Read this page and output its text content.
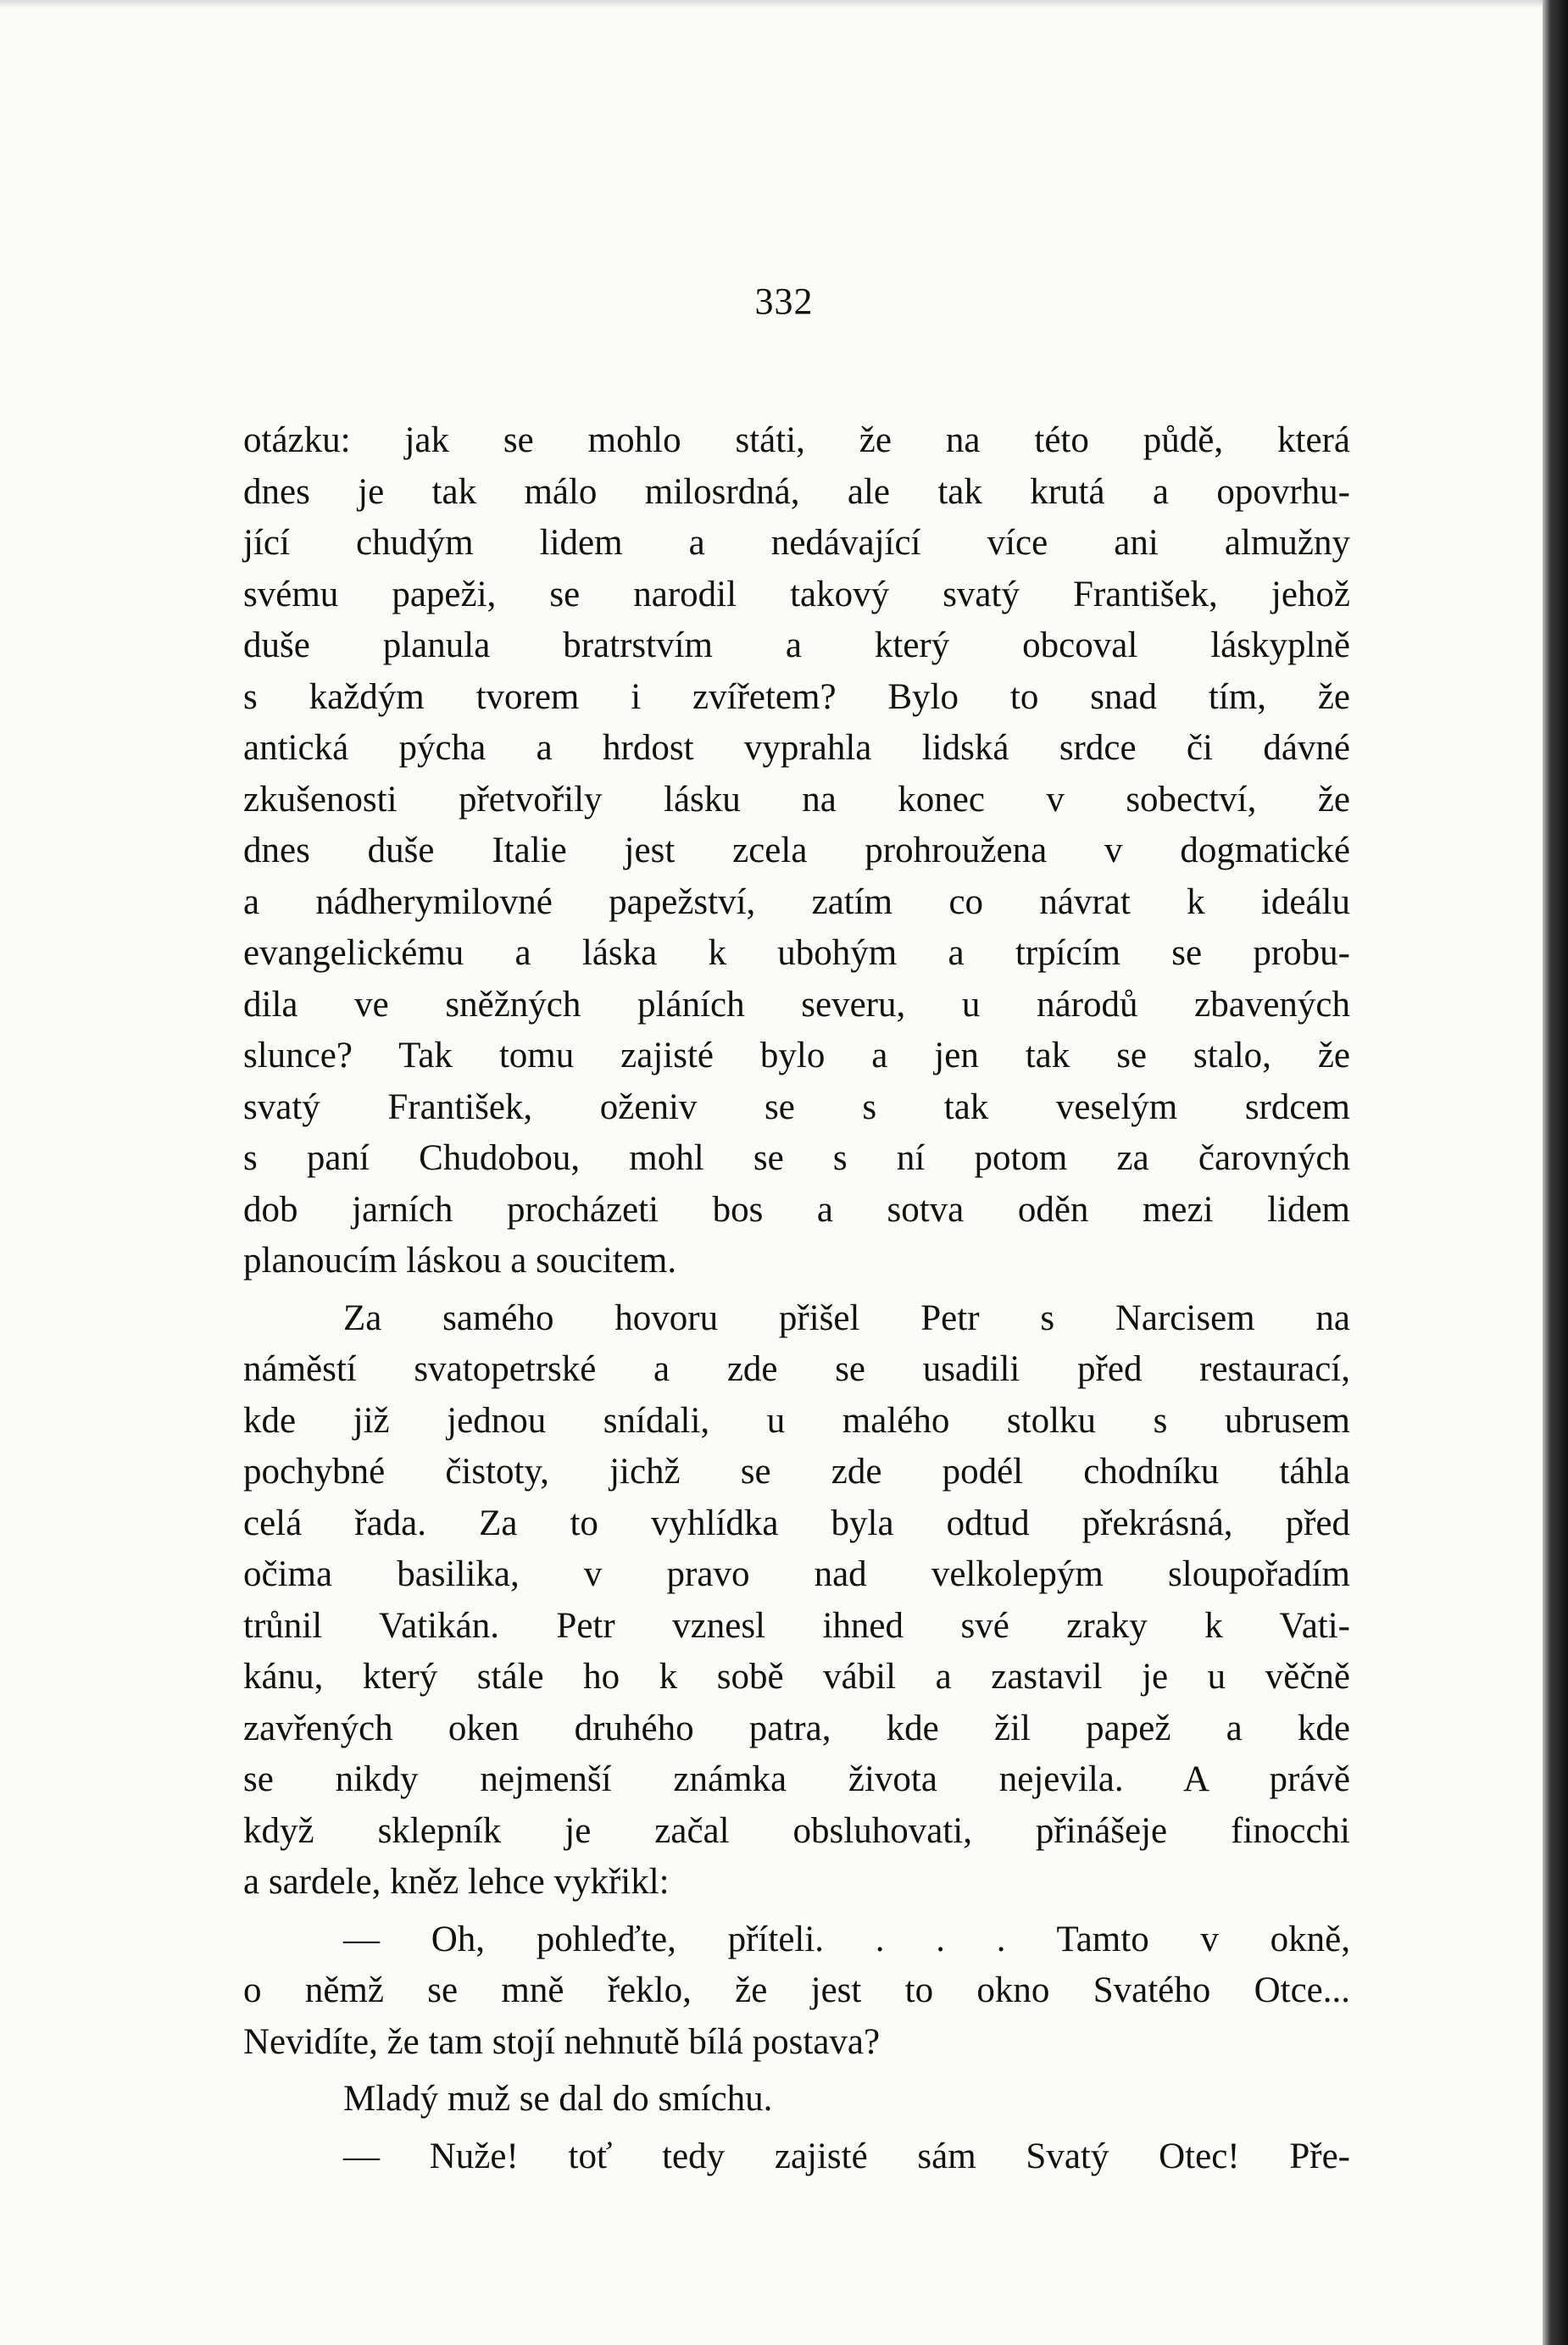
332
otázku: jak se mohlo státi, že na této půdě, která
dnes je tak málo milosrdná, ale tak krutá a opovrhu-
jící chudým lidem a nedávající více ani almužny
svému papeži, se narodil takový svatý František, jehož
duše planula bratrstvím a který obcoval láskyplně
s každým tvorem i zvířetem? Bylo to snad tím, že
antická pýcha a hrdost vyprahla lidská srdce či dávné
zkušenosti přetvořily lásku na konec v sobectví, že
dnes duše Italie jest zcela prohroužena v dogmatické
a nádherymilovné papežství, zatím co návrat k ideálu
evangelickému a láska k ubohým a trpícím se probu-
dila ve sněžných pláních severu, u národů zbavených
slunce? Tak tomu zajisté bylo a jen tak se stalo, že
svatý František, oženiv se s tak veselým srdcem
s paní Chudobou, mohl se s ní potom za čarovných
dob jarních procházeti bos a sotva oděn mezi lidem
planoucím láskou a soucitem.
Za samého hovoru přišel Petr s Narcisem na
náměstí svatopetrské a zde se usadili před restaurací,
kde již jednou snídali, u malého stolku s ubrusem
pochybné čistoty, jichž se zde podél chodníku táhla
celá řada. Za to vyhlídka byla odtud překrásná, před
očima basilika, v pravo nad velkolepým sloupořadím
trůnil Vatikán. Petr vznesl ihned své zraky k Vati-
kánu, který stále ho k sobě vábil a zastavil je u věčně
zavřených oken druhého patra, kde žil papež a kde
se nikdy nejmenší známka života nejevila. A právě
když sklepník je začal obsluhovati, přinášeje finocchi
a sardele, kněz lehce vykřikl:
— Oh, pohleďte, příteli. . . . Tamto v okně,
o němž se mně řeklo, že jest to okno Svatého Otce...
Nevidíte, že tam stojí nehnutě bílá postava?
Mladý muž se dal do smíchu.
— Nuže! toť tedy zajisté sám Svatý Otec! Pře-
